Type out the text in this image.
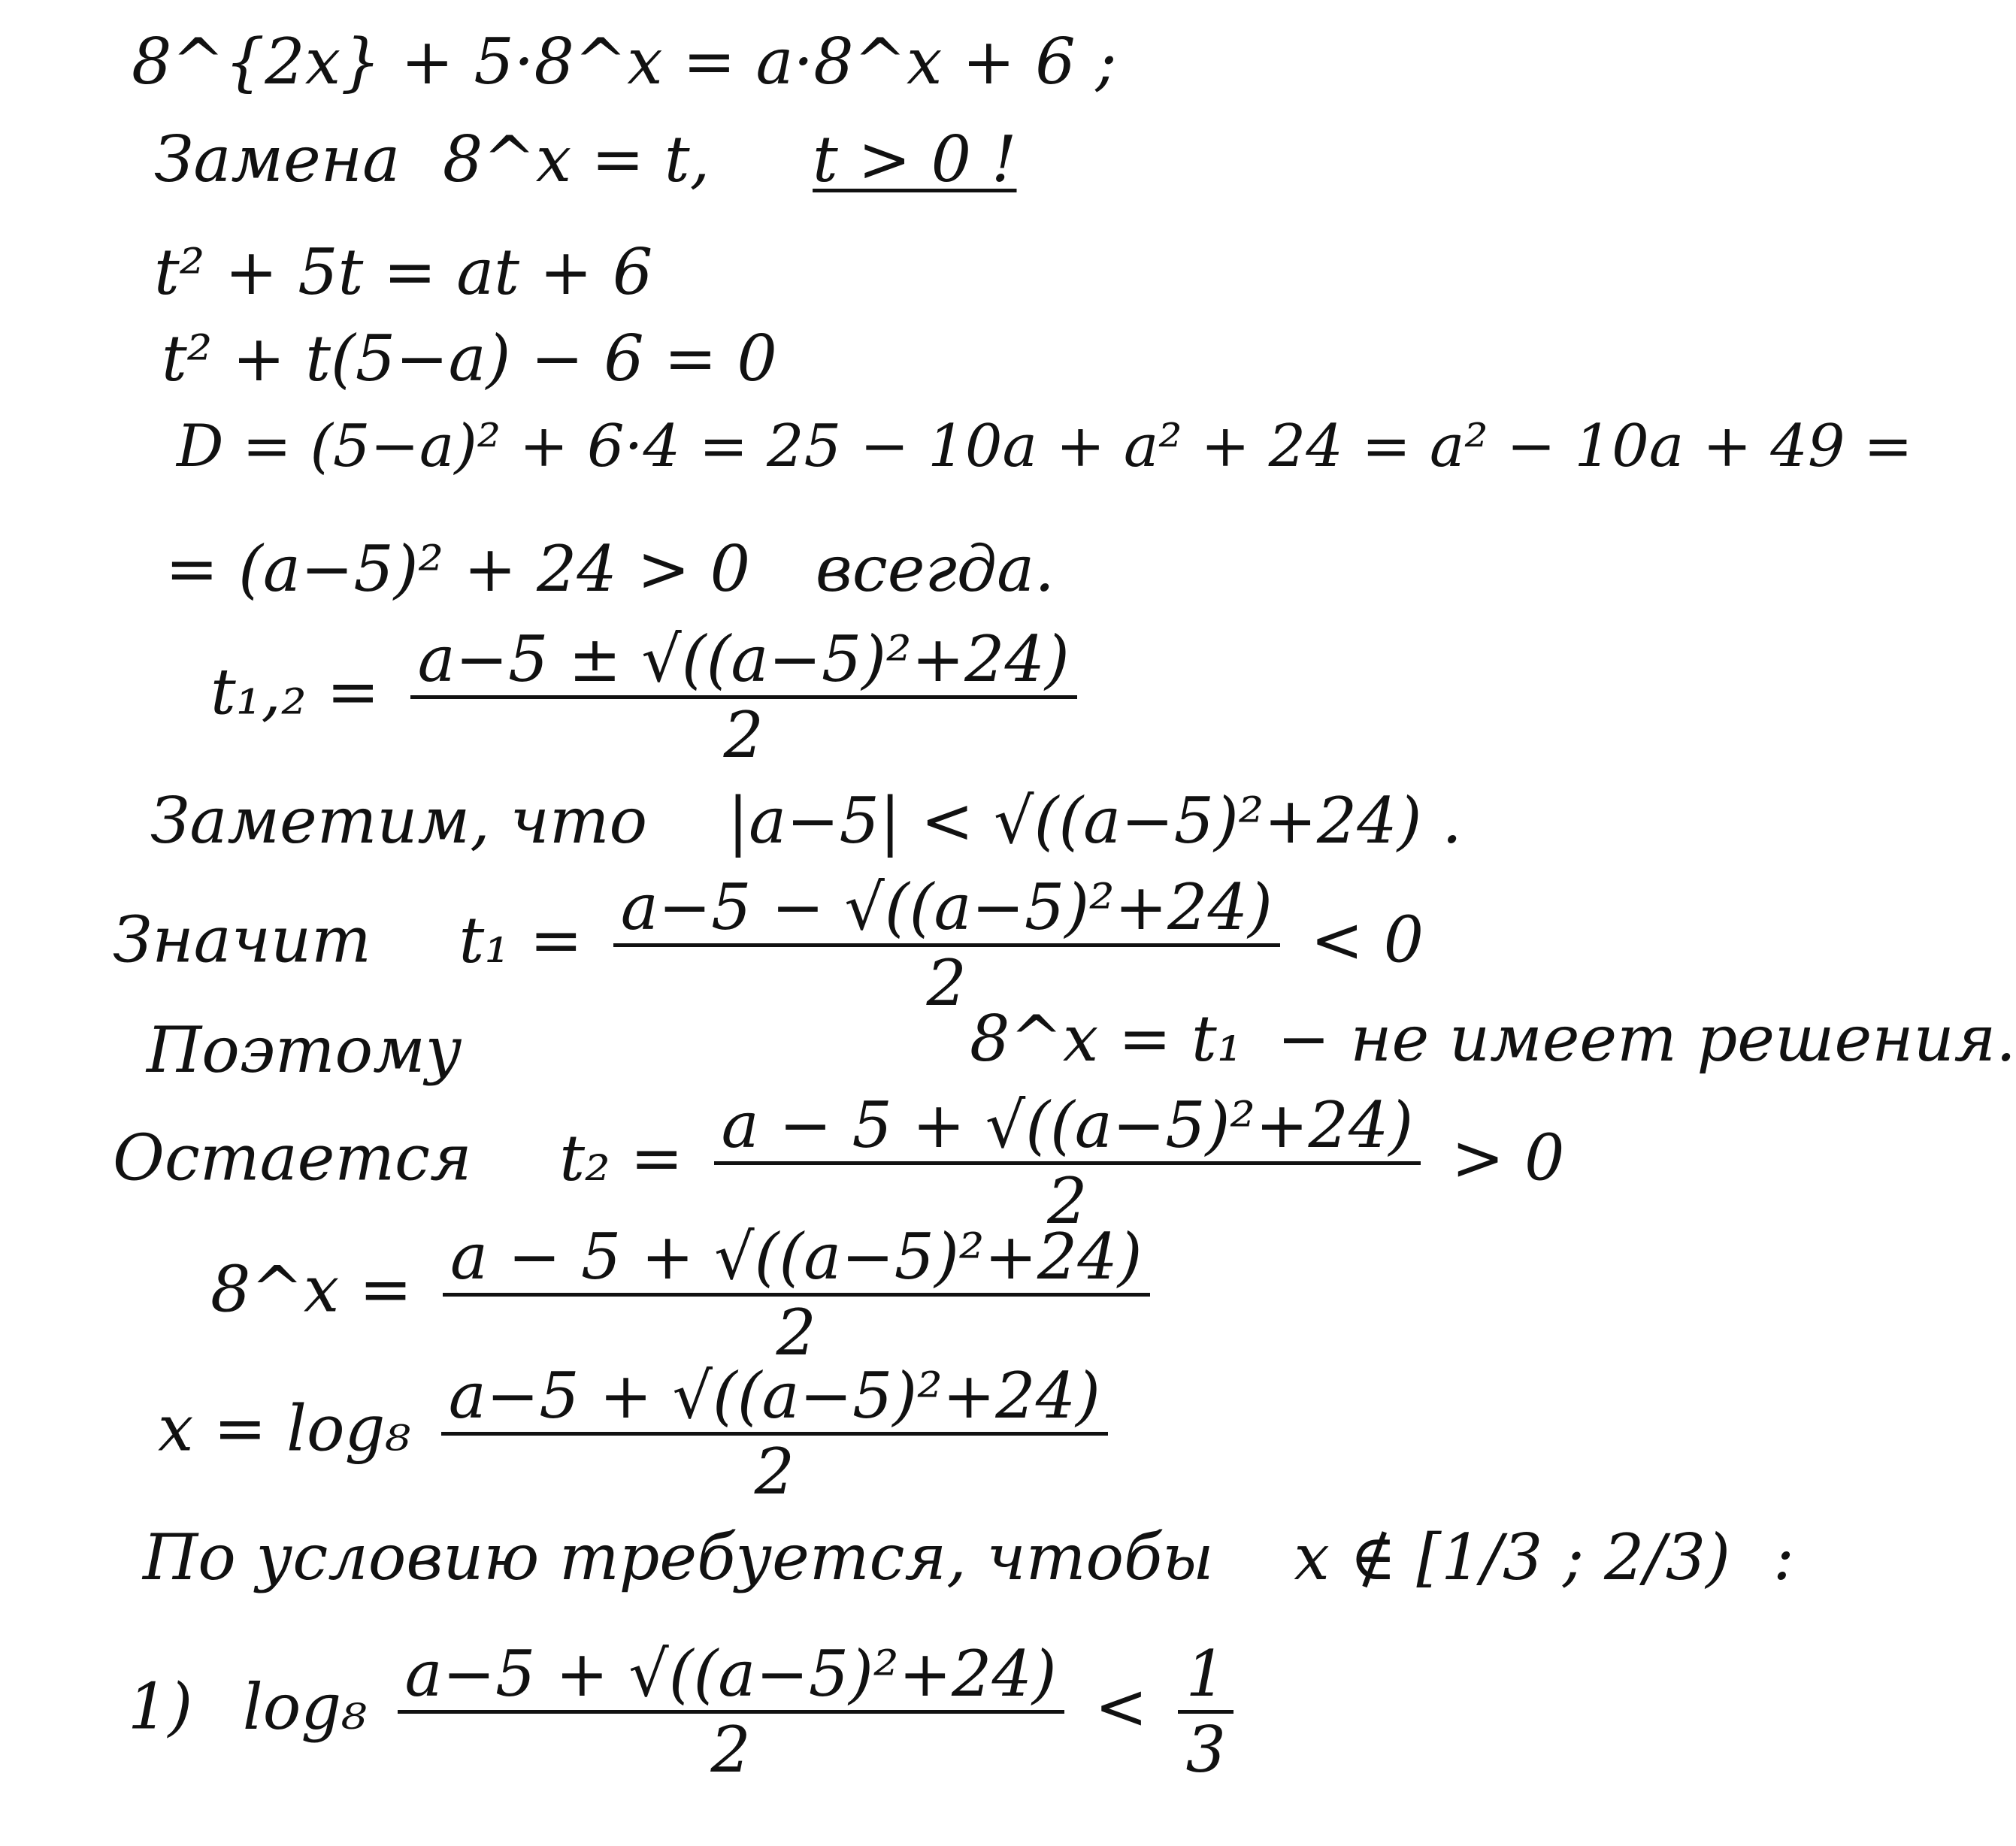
8^{2x} + 5·8^x = a·8^x + 6 ;
Замена 8^x = t, t > 0 !
t² + 5t = at + 6
t² + t(5−a) − 6 = 0
D = (5−a)² + 6·4 = 25 − 10a + a² + 24 = a² − 10a + 49 =
= (a−5)² + 24 > 0 всегда.
$t_1,_2 = \frac{\text{a−5 ± √((a−5)²+24)}}{2}$
Заметим, что |a−5| < √((a−5)²+24) .
Значит $t_1 = \frac{\text{a−5 − √((a−5)²+24)}}{2} < 0$
Поэтому	8^x = t₁ − не имеет решения.
Остается $t_2 = \frac{\text{a − 5 + √((a−5)²+24)}}{2} > 0$
8^x = $\frac{\text{a − 5 + √((a−5)²+24)}}{2}$
$x = \log_8 \frac{\text{a−5 + √((a−5)²+24)}}{2}$
По условию требуется, чтобы x ∉ [1/3 ; 2/3) :
1) $\log_8 \frac{\text{a−5 + √((a−5)²+24)}}{2} < \frac{1}{3}$
